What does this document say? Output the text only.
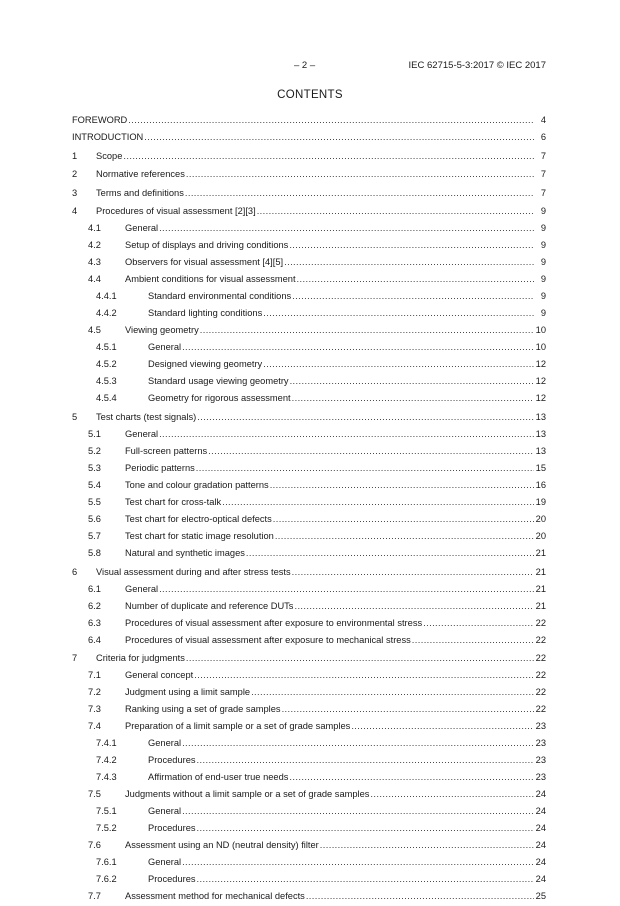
– 2 –	IEC 62715-5-3:2017 © IEC 2017
CONTENTS
FOREWORD .....	4
INTRODUCTION .....	6
1 Scope .....	7
2 Normative references .....	7
3 Terms and definitions .....	7
4 Procedures of visual assessment [2][3] .....	9
4.1	General .....	9
4.2	Setup of displays and driving conditions .....	9
4.3	Observers for visual assessment [4][5] .....	9
4.4	Ambient conditions for visual assessment .....	9
4.4.1	Standard environmental conditions .....	9
4.4.2	Standard lighting conditions .....	9
4.5	Viewing geometry .....	10
4.5.1	General .....	10
4.5.2	Designed viewing geometry .....	12
4.5.3	Standard usage viewing geometry .....	12
4.5.4	Geometry for rigorous assessment .....	12
5 Test charts (test signals) .....	13
5.1	General .....	13
5.2	Full-screen patterns .....	13
5.3	Periodic patterns .....	15
5.4	Tone and colour gradation patterns .....	16
5.5	Test chart for cross-talk .....	19
5.6	Test chart for electro-optical defects .....	20
5.7	Test chart for static image resolution .....	20
5.8	Natural and synthetic images .....	21
6 Visual assessment during and after stress tests .....	21
6.1	General .....	21
6.2	Number of duplicate and reference DUTs .....	21
6.3	Procedures of visual assessment after exposure to environmental stress .....	22
6.4	Procedures of visual assessment after exposure to mechanical stress .....	22
7 Criteria for judgments .....	22
7.1	General concept .....	22
7.2	Judgment using a limit sample .....	22
7.3	Ranking using a set of grade samples .....	22
7.4	Preparation of a limit sample or a set of grade samples .....	23
7.4.1	General .....	23
7.4.2	Procedures .....	23
7.4.3	Affirmation of end-user true needs .....	23
7.5	Judgments without a limit sample or a set of grade samples .....	24
7.5.1	General .....	24
7.5.2	Procedures .....	24
7.6	Assessment using an ND (neutral density) filter .....	24
7.6.1	General .....	24
7.6.2	Procedures .....	24
7.7	Assessment method for mechanical defects .....	25
